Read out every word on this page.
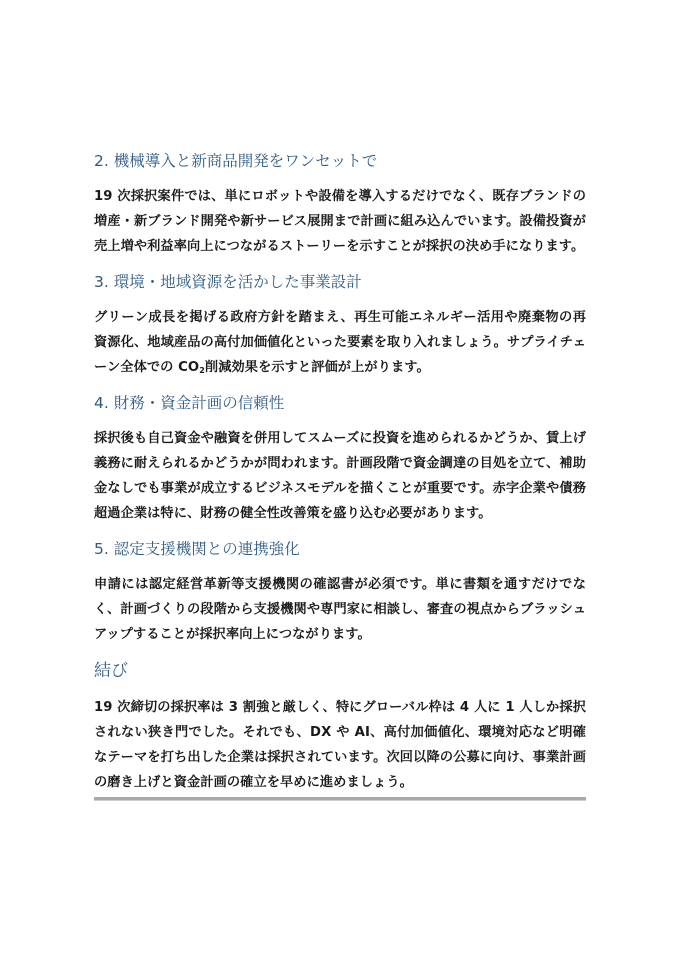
2. 機械導入と新商品開発をワンセットで

19 次採択案件では、単にロボットや設備を導入するだけでなく、既存ブランドの増産・新ブランド開発や新サービス展開まで計画に組み込んでいます。設備投資が売上増や利益率向上につながるストーリーを示すことが採択の決め手になります。

3. 環境・地域資源を活かした事業設計

グリーン成長を掲げる政府方針を踏まえ、再生可能エネルギー活用や廃棄物の再資源化、地域産品の高付加価値化といった要素を取り入れましょう。サプライチェーン全体での $CO_2$削減効果を示すと評価が上がります。

4. 財務・資金計画の信頼性

採択後も自己資金や融資を併用してスムーズに投資を進められるかどうか、賃上げ義務に耐えられるかどうかが問われます。計画段階で資金調達の目処を立て、補助金なしでも事業が成立するビジネスモデルを描くことが重要です。赤字企業や債務超過企業は特に、財務の健全性改善策を盛り込む必要があります。

5. 認定支援機関との連携強化

申請には認定経営革新等支援機関の確認書が必須です。単に書類を通すだけでなく、計画づくりの段階から支援機関や専門家に相談し、審査の視点からブラッシュアップすることが採択率向上につながります。

結び

19 次締切の採択率は 3 割強と厳しく、特にグローバル枠は 4 人に 1 人しか採択されない狭き門でした。それでも、DX や AI、高付加価値化、環境対応など明確なテーマを打ち出した企業は採択されています。次回以降の公募に向け、事業計画の磨き上げと資金計画の確立を早めに進めましょう。
